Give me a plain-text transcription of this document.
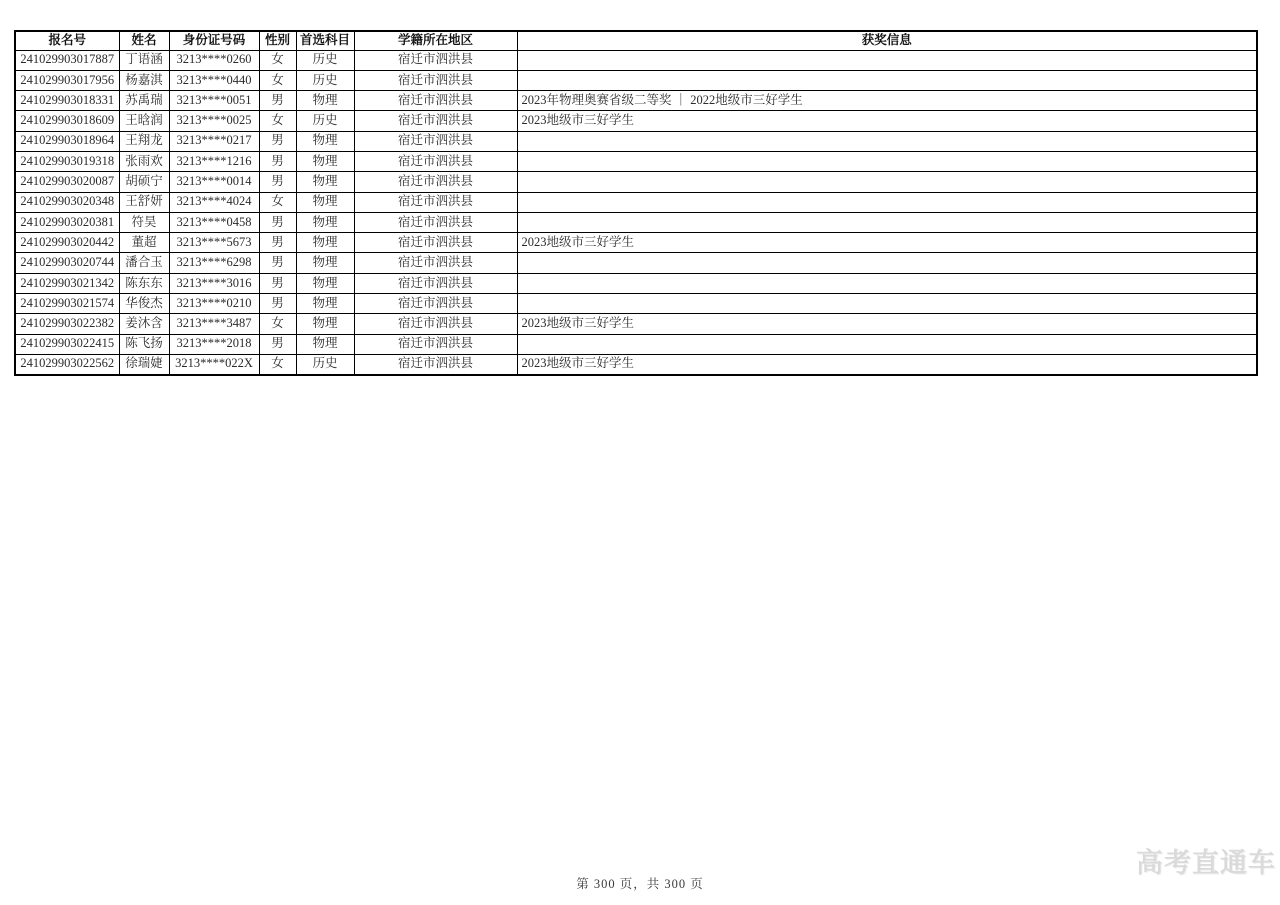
报名号	姓名	身份证号码	性别	首选科目	学籍所在地区	获奖信息
241029903017887	丁语涵	3213****0260	女	历史	宿迁市泗洪县	
241029903017956	杨嘉淇	3213****0440	女	历史	宿迁市泗洪县	
241029903018331	苏禹瑞	3213****0051	男	物理	宿迁市泗洪县	2023年物理奥赛省级二等奖 ｜ 2022地级市三好学生
241029903018609	王晗润	3213****0025	女	历史	宿迁市泗洪县	2023地级市三好学生
241029903018964	王翔龙	3213****0217	男	物理	宿迁市泗洪县	
241029903019318	张雨欢	3213****1216	男	物理	宿迁市泗洪县	
241029903020087	胡硕宁	3213****0014	男	物理	宿迁市泗洪县	
241029903020348	王舒妍	3213****4024	女	物理	宿迁市泗洪县	
241029903020381	符昊	3213****0458	男	物理	宿迁市泗洪县	
241029903020442	董超	3213****5673	男	物理	宿迁市泗洪县	2023地级市三好学生
241029903020744	潘合玉	3213****6298	男	物理	宿迁市泗洪县	
241029903021342	陈东东	3213****3016	男	物理	宿迁市泗洪县	
241029903021574	华俊杰	3213****0210	男	物理	宿迁市泗洪县	
241029903022382	姜沐含	3213****3487	女	物理	宿迁市泗洪县	2023地级市三好学生
241029903022415	陈飞扬	3213****2018	男	物理	宿迁市泗洪县	
241029903022562	徐瑞婕	3213****022X	女	历史	宿迁市泗洪县	2023地级市三好学生
第 300 页，共 300 页
高考直通车
